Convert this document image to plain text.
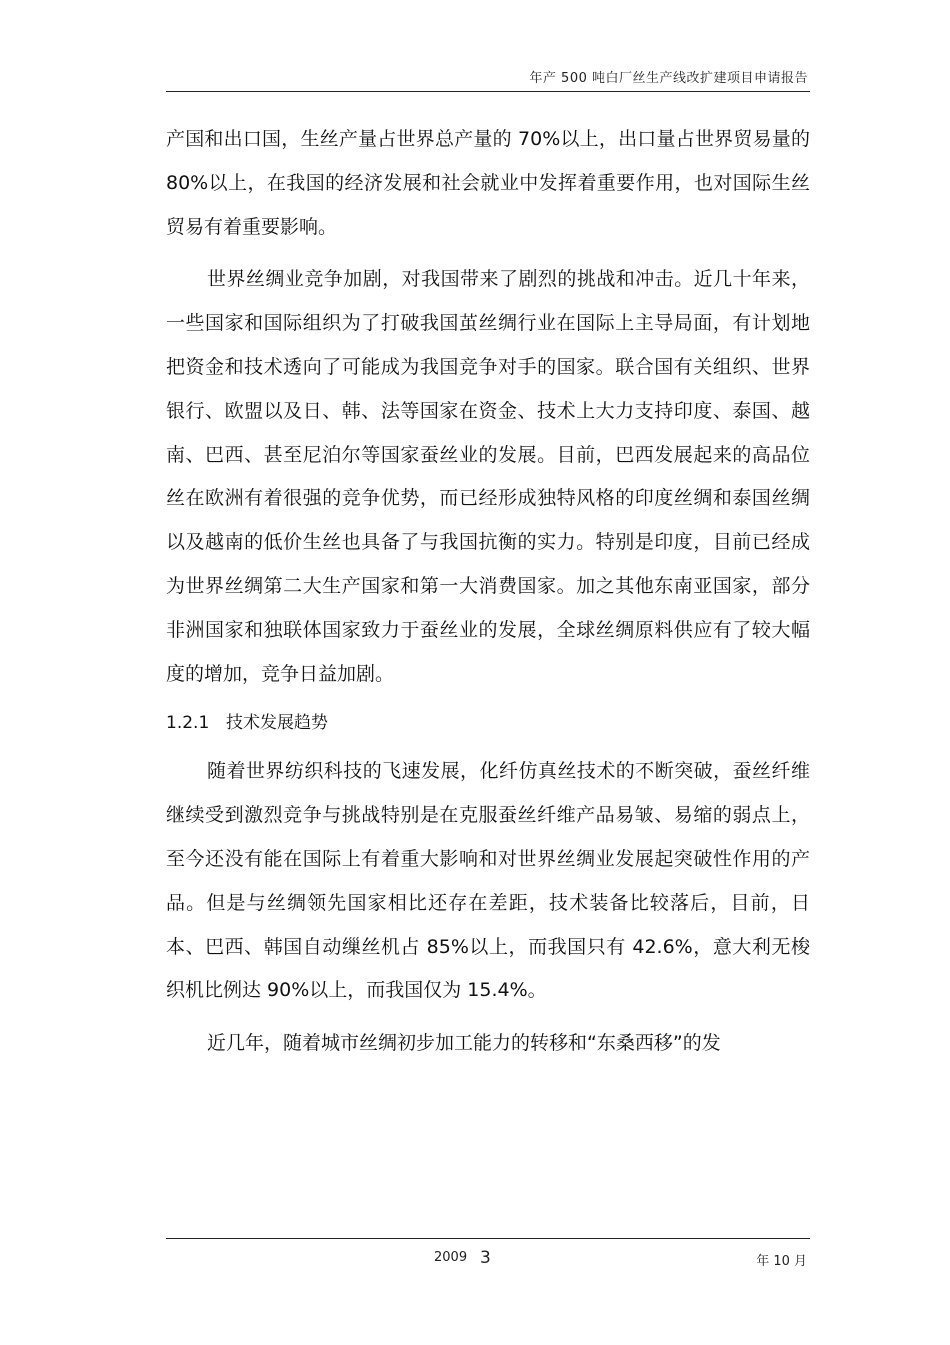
年产 500 吨白厂丝生产线改扩建项目申请报告

产国和出口国，生丝产量占世界总产量的 70%以上，出口量占世界贸易量的 80%以上，在我国的经济发展和社会就业中发挥着重要作用，也对国际生丝贸易有着重要影响。

世界丝绸业竞争加剧，对我国带来了剧烈的挑战和冲击。近几十年来，一些国家和国际组织为了打破我国茧丝绸行业在国际上主导局面，有计划地把资金和技术透向了可能成为我国竞争对手的国家。联合国有关组织、世界银行、欧盟以及日、韩、法等国家在资金、技术上大力支持印度、泰国、越南、巴西、甚至尼泊尔等国家蚕丝业的发展。目前，巴西发展起来的高品位丝在欧洲有着很强的竞争优势，而已经形成独特风格的印度丝绸和泰国丝绸以及越南的低价生丝也具备了与我国抗衡的实力。特别是印度，目前已经成为世界丝绸第二大生产国家和第一大消费国家。加之其他东南亚国家，部分非洲国家和独联体国家致力于蚕丝业的发展，全球丝绸原料供应有了较大幅度的增加，竞争日益加剧。

1.2.1 技术发展趋势

随着世界纺织科技的飞速发展，化纤仿真丝技术的不断突破，蚕丝纤维继续受到激烈竞争与挑战特别是在克服蚕丝纤维产品易皱、易缩的弱点上，至今还没有能在国际上有着重大影响和对世界丝绸业发展起突破性作用的产品。但是与丝绸领先国家相比还存在差距，技术装备比较落后，目前，日本、巴西、韩国自动缫丝机占 85%以上，而我国只有 42.6%，意大利无梭织机比例达 90%以上，而我国仅为 15.4%。

近几年，随着城市丝绸初步加工能力的转移和“东桑西移”的发

2009 3	年 10 月
